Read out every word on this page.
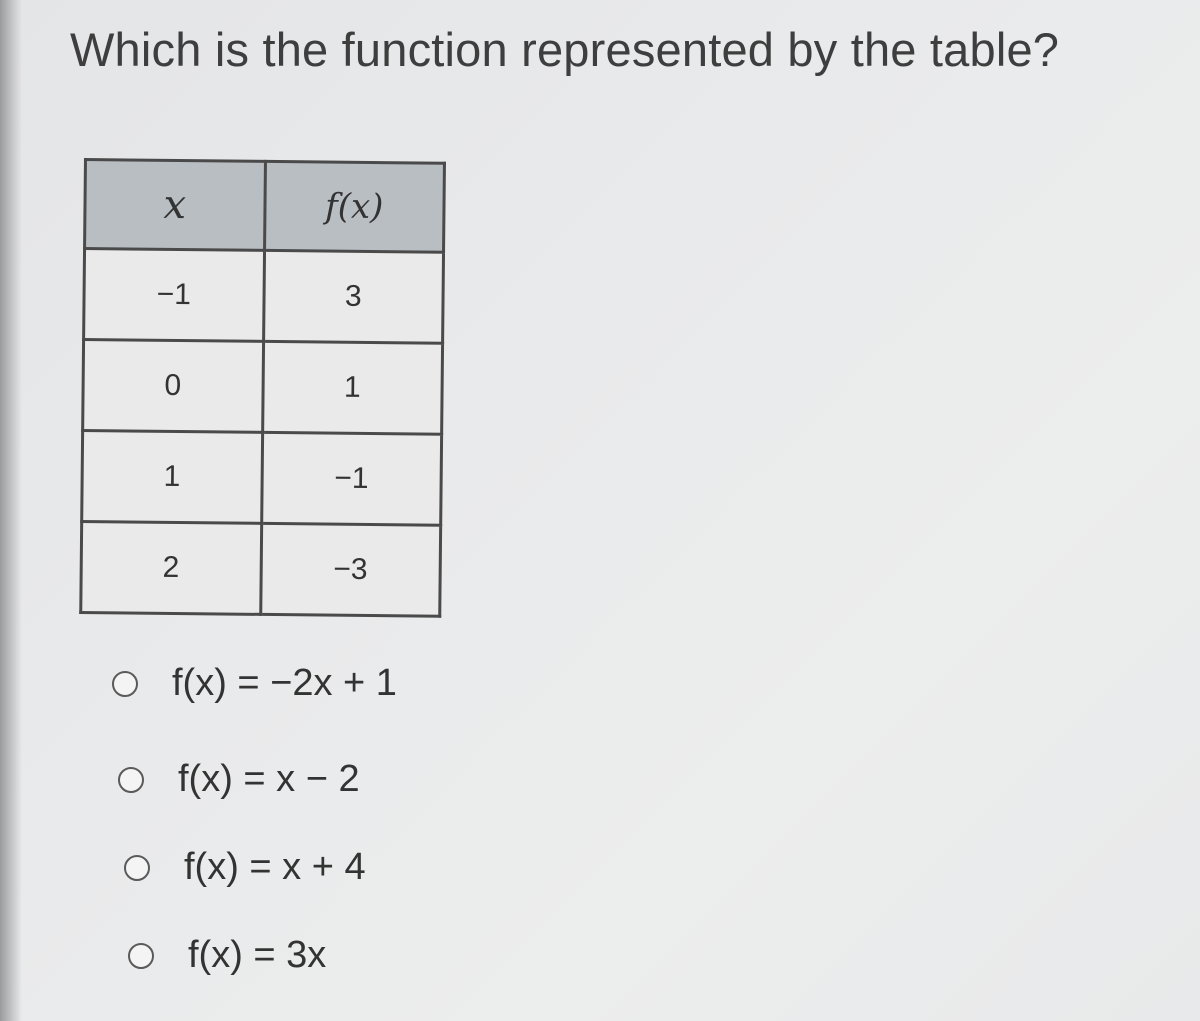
Which is the function represented by the table?
x	f(x)
−1	3
0	1
1	−1
2	−3
f(x) = −2x + 1
f(x) = x − 2
f(x) = x + 4
f(x) = 3x
